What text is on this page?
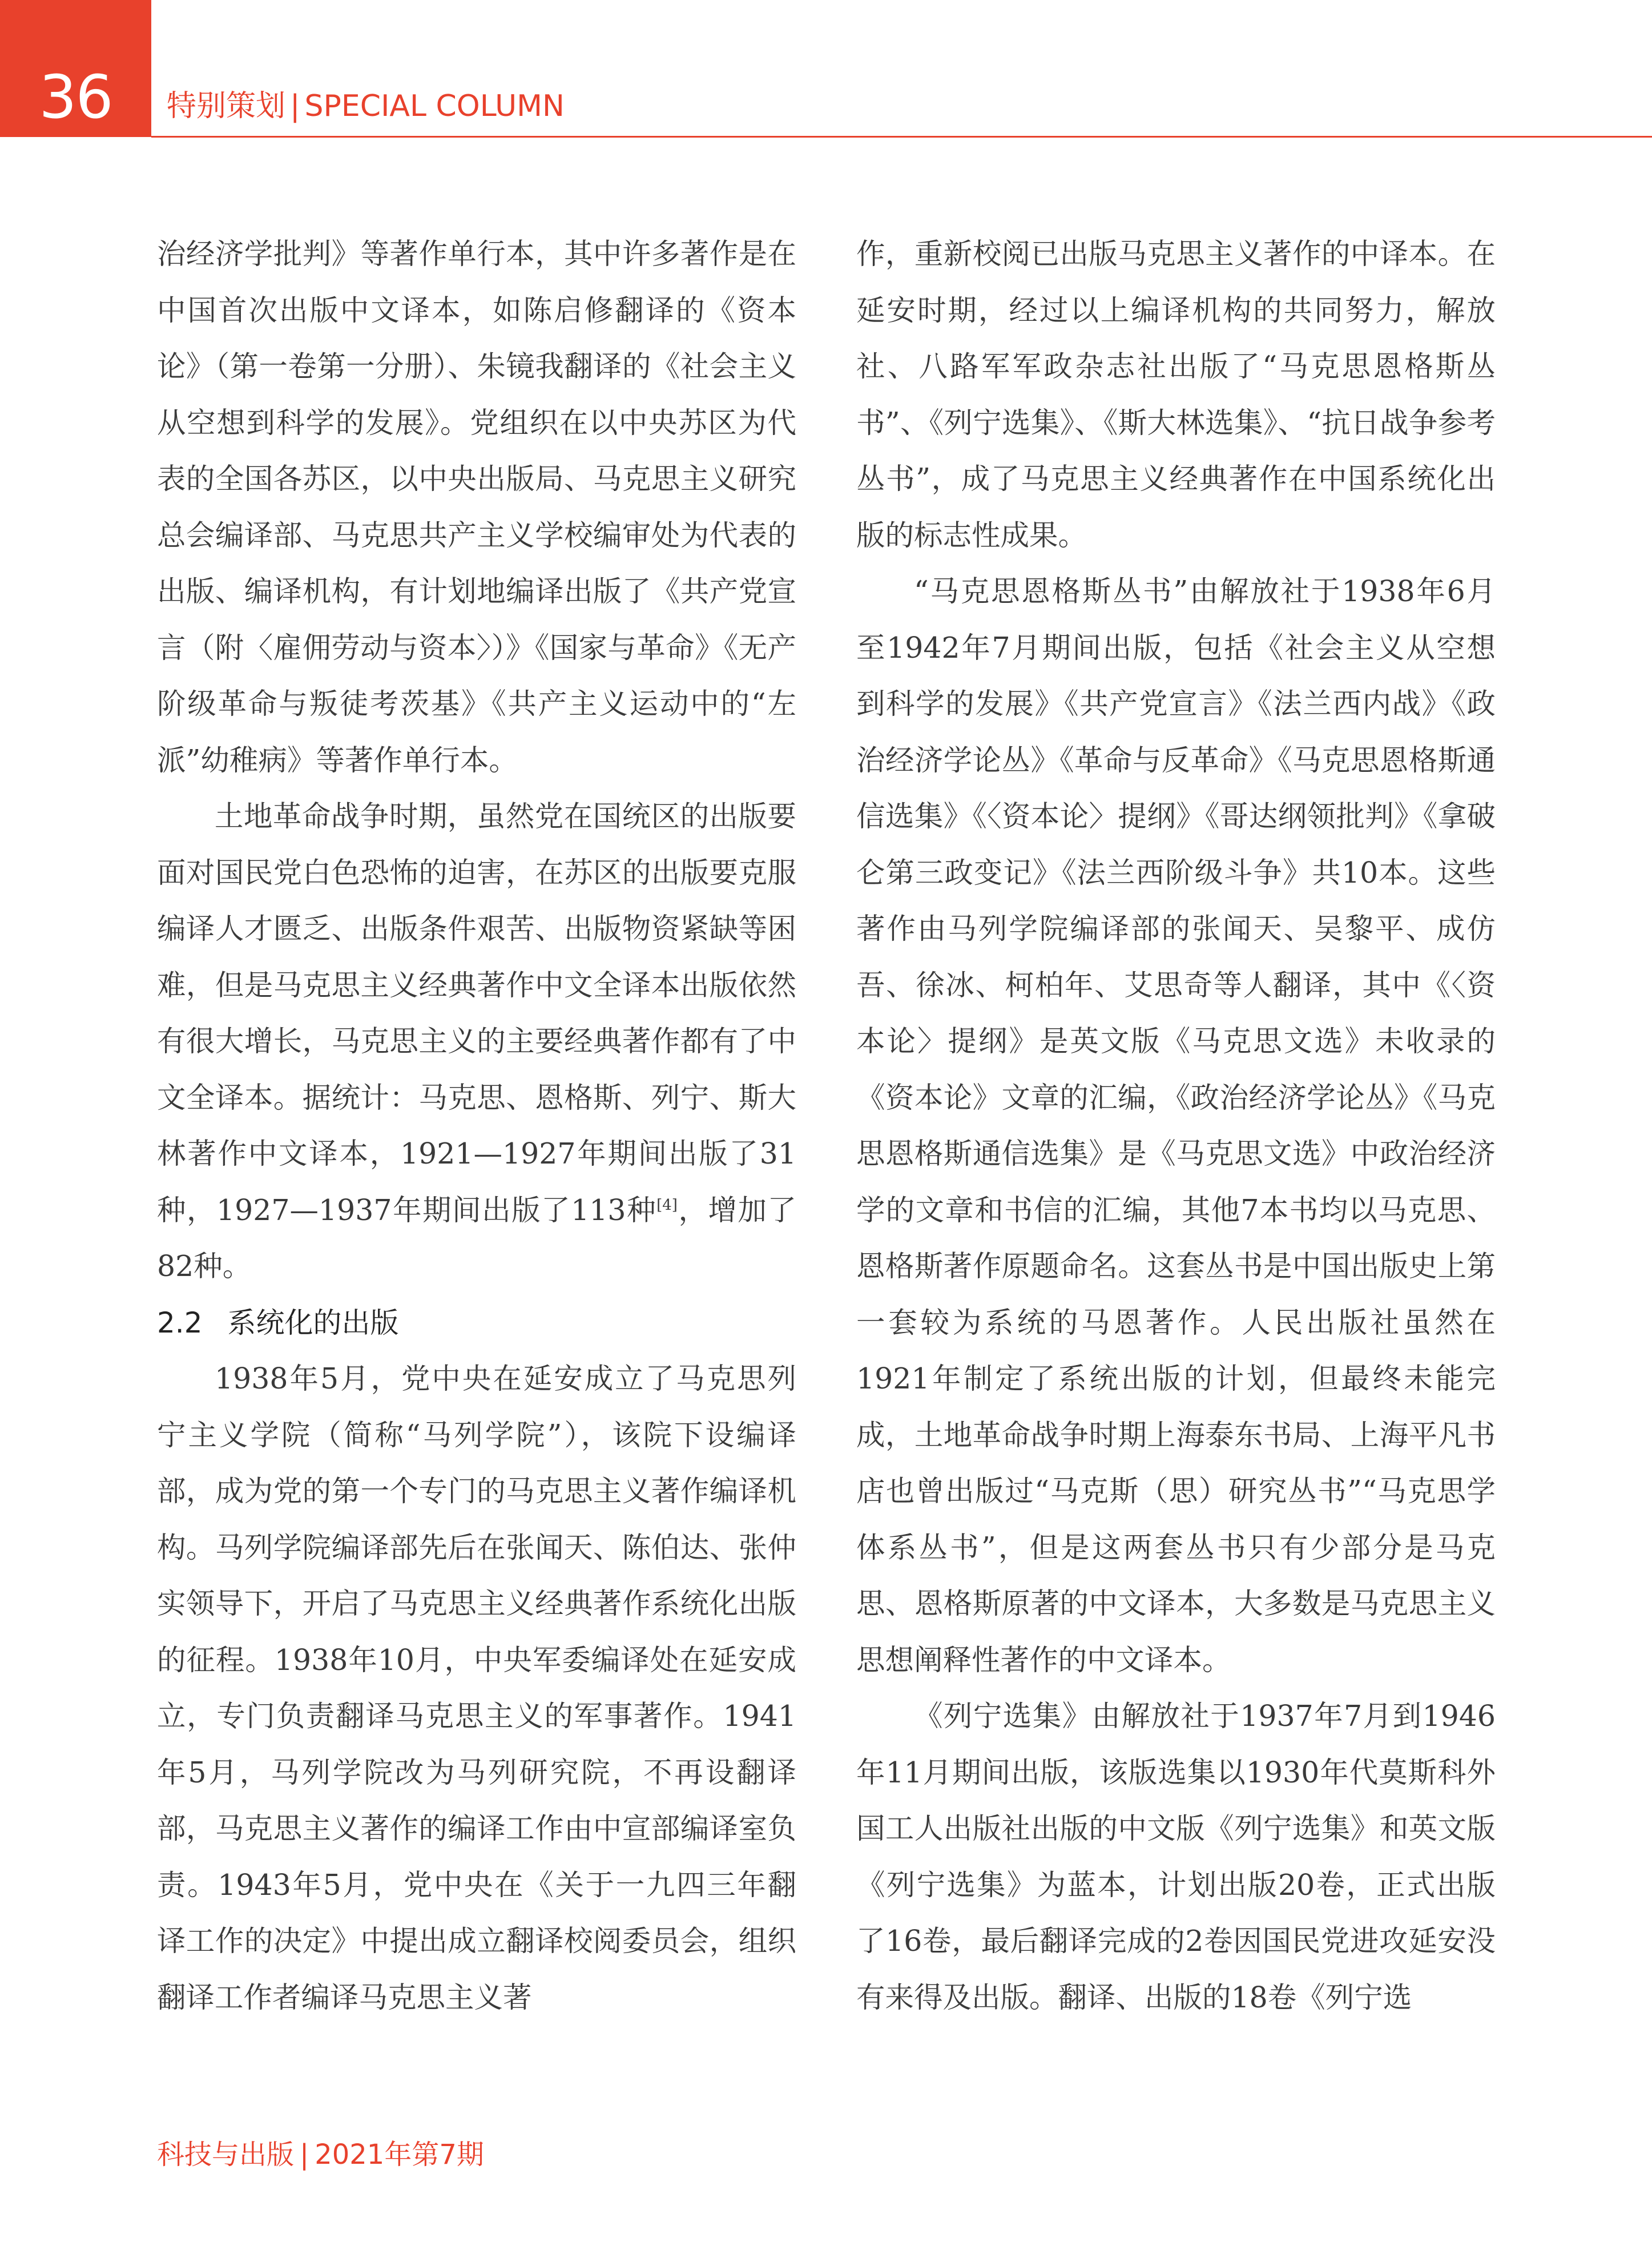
36	特别策划 | SPECIAL COLUMN

治经济学批判》等著作单行本，其中许多著作是在中国首次出版中文译本，如陈启修翻译的《资本论》（第一卷第一分册）、朱镜我翻译的《社会主义从空想到科学的发展》。党组织在以中央苏区为代表的全国各苏区，以中央出版局、马克思主义研究总会编译部、马克思共产主义学校编审处为代表的出版、编译机构，有计划地编译出版了《共产党宣言（附〈雇佣劳动与资本〉）》《国家与革命》《无产阶级革命与叛徒考茨基》《共产主义运动中的“左派”幼稚病》等著作单行本。

土地革命战争时期，虽然党在国统区的出版要面对国民党白色恐怖的迫害，在苏区的出版要克服编译人才匮乏、出版条件艰苦、出版物资紧缺等困难，但是马克思主义经典著作中文全译本出版依然有很大增长，马克思主义的主要经典著作都有了中文全译本。据统计：马克思、恩格斯、列宁、斯大林著作中文译本，1921—1927年期间出版了31种，1927—1937年期间出版了113种[4]，增加了82种。

2.2 系统化的出版

1938年5月，党中央在延安成立了马克思列宁主义学院（简称“马列学院”），该院下设编译部，成为党的第一个专门的马克思主义著作编译机构。马列学院编译部先后在张闻天、陈伯达、张仲实领导下，开启了马克思主义经典著作系统化出版的征程。1938年10月，中央军委编译处在延安成立，专门负责翻译马克思主义的军事著作。1941年5月，马列学院改为马列研究院，不再设翻译部，马克思主义著作的编译工作由中宣部编译室负责。1943年5月，党中央在《关于一九四三年翻译工作的决定》中提出成立翻译校阅委员会，组织翻译工作者编译马克思主义著

作，重新校阅已出版马克思主义著作的中译本。在延安时期，经过以上编译机构的共同努力，解放社、八路军军政杂志社出版了“马克思恩格斯丛书”、《列宁选集》、《斯大林选集》、“抗日战争参考丛书”，成了马克思主义经典著作在中国系统化出版的标志性成果。

“马克思恩格斯丛书”由解放社于1938年6月至1942年7月期间出版，包括《社会主义从空想到科学的发展》《共产党宣言》《法兰西内战》《政治经济学论丛》《革命与反革命》《马克思恩格斯通信选集》《〈资本论〉提纲》《哥达纲领批判》《拿破仑第三政变记》《法兰西阶级斗争》共10本。这些著作由马列学院编译部的张闻天、吴黎平、成仿吾、徐冰、柯柏年、艾思奇等人翻译，其中《〈资本论〉提纲》是英文版《马克思文选》未收录的《资本论》文章的汇编，《政治经济学论丛》《马克思恩格斯通信选集》是《马克思文选》中政治经济学的文章和书信的汇编，其他7本书均以马克思、恩格斯著作原题命名。这套丛书是中国出版史上第一套较为系统的马恩著作。人民出版社虽然在1921年制定了系统出版的计划，但最终未能完成，土地革命战争时期上海泰东书局、上海平凡书店也曾出版过“马克斯（思）研究丛书”“马克思学体系丛书”，但是这两套丛书只有少部分是马克思、恩格斯原著的中文译本，大多数是马克思主义思想阐释性著作的中文译本。

《列宁选集》由解放社于1937年7月到1946年11月期间出版，该版选集以1930年代莫斯科外国工人出版社出版的中文版《列宁选集》和英文版《列宁选集》为蓝本，计划出版20卷，正式出版了16卷，最后翻译完成的2卷因国民党进攻延安没有来得及出版。翻译、出版的18卷《列宁选

科技与出版 | 2021年第7期
